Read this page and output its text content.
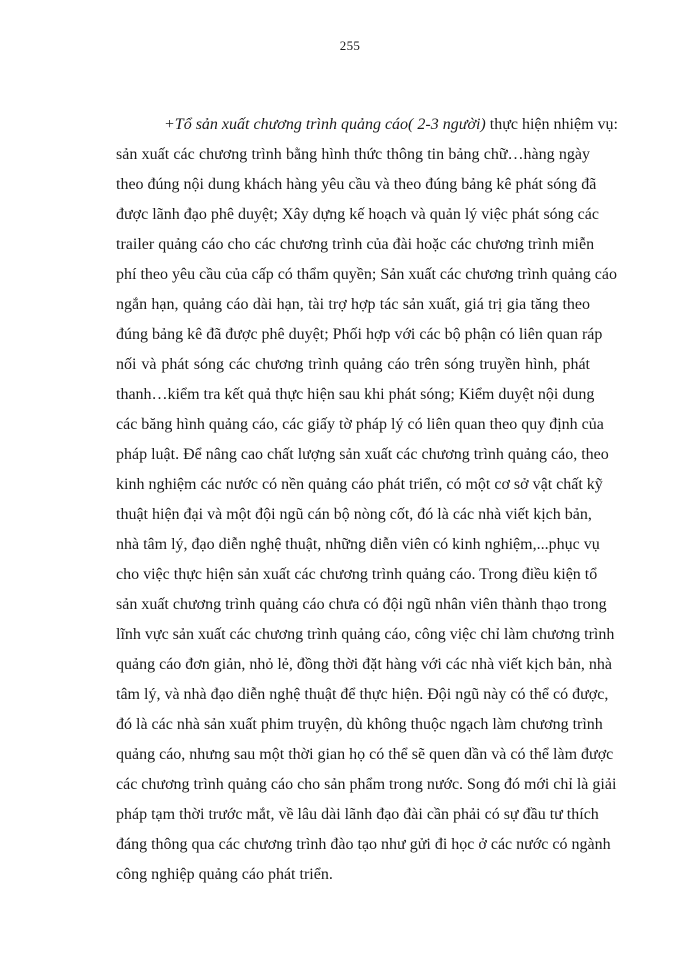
255
+Tổ sản xuất chương trình quảng cáo( 2-3 người) thực hiện nhiệm vụ:
sản xuất các chương trình bằng hình thức thông tin bảng chữ…hàng ngày
theo đúng nội dung khách hàng yêu cầu và theo đúng bảng kê phát sóng đã
được lãnh đạo phê duyệt; Xây dựng kế hoạch và quản lý việc phát sóng các
trailer quảng cáo cho các chương trình của đài hoặc các chương trình miễn
phí theo yêu cầu của cấp có thẩm quyền; Sản xuất các chương trình quảng cáo
ngắn hạn, quảng cáo dài hạn, tài trợ hợp tác sản xuất, giá trị gia tăng theo
đúng bảng kê đã được phê duyệt; Phối hợp với các bộ phận có liên quan ráp
nối và phát sóng các chương trình quảng cáo trên sóng truyền hình, phát
thanh…kiểm tra kết quả thực hiện sau khi phát sóng; Kiểm duyệt nội dung
các băng hình quảng cáo, các giấy tờ pháp lý có liên quan theo quy định của
pháp luật. Để nâng cao chất lượng sản xuất các chương trình quảng cáo, theo
kinh nghiệm các nước có nền quảng cáo phát triển, có một cơ sở vật chất kỹ
thuật hiện đại và một đội ngũ cán bộ nòng cốt, đó là các nhà viết kịch bản,
nhà tâm lý, đạo diễn nghệ thuật, những diễn viên có kinh nghiệm,...phục vụ
cho việc thực hiện sản xuất các chương trình quảng cáo. Trong điều kiện tổ
sản xuất chương trình quảng cáo chưa có đội ngũ nhân viên thành thạo trong
lĩnh vực sản xuất các chương trình quảng cáo, công việc chỉ làm chương trình
quảng cáo đơn giản, nhỏ lẻ, đồng thời đặt hàng với các nhà viết kịch bản, nhà
tâm lý, và nhà đạo diễn nghệ thuật để thực hiện. Đội ngũ này có thể có được,
đó là các nhà sản xuất phim truyện, dù không thuộc ngạch làm chương trình
quảng cáo, nhưng sau một thời gian họ có thể sẽ quen dần và có thể làm được
các chương trình quảng cáo cho sản phẩm trong nước. Song đó mới chỉ là giải
pháp tạm thời trước mắt, về lâu dài lãnh đạo đài cần phải có sự đầu tư thích
đáng thông qua các chương trình đào tạo như gửi đi học ở các nước có ngành
công nghiệp quảng cáo phát triển.
